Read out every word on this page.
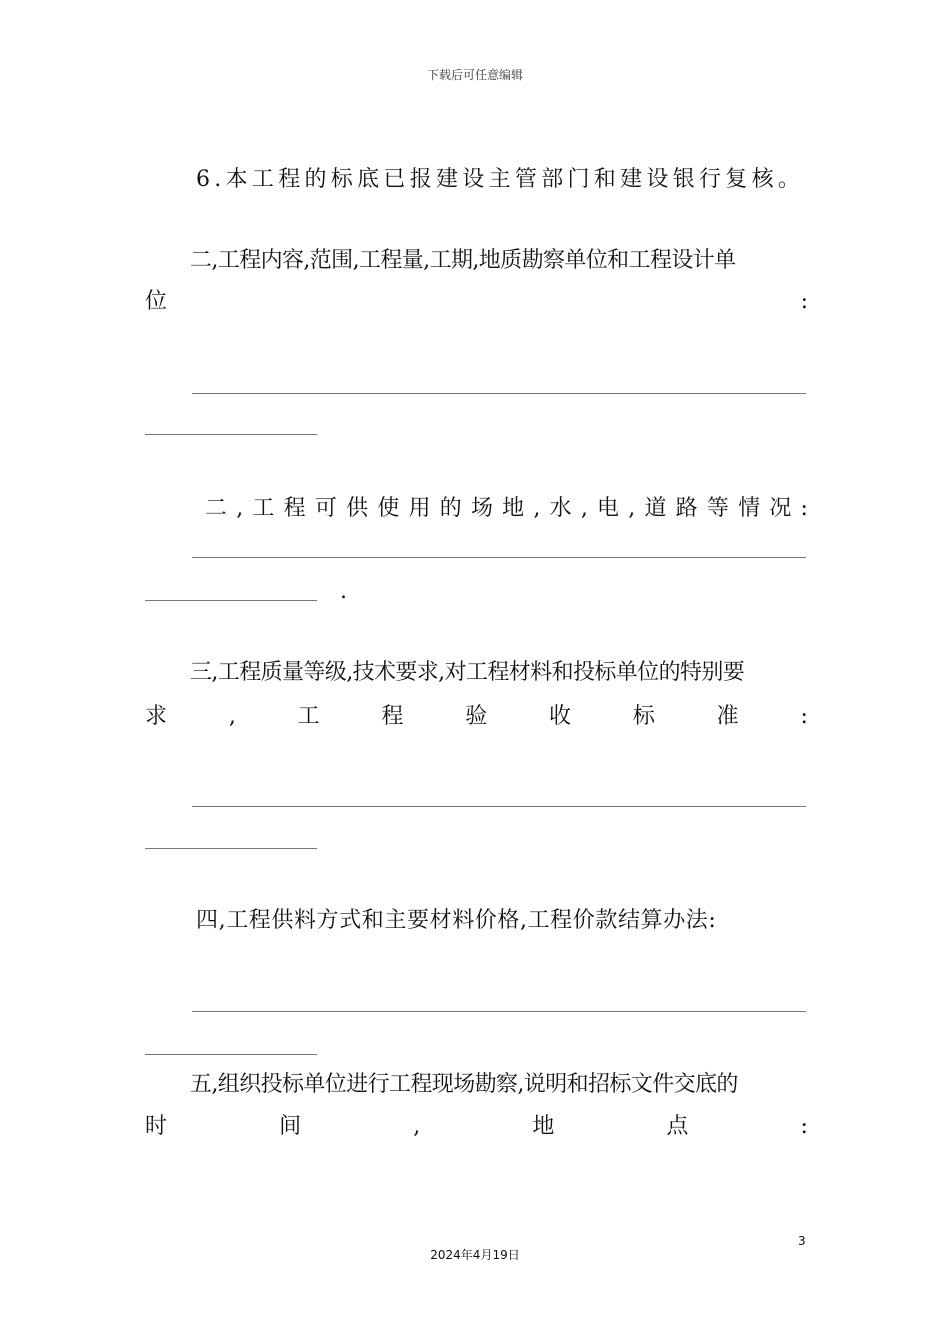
下载后可任意编辑
6.本工程的标底已报建设主管部门和建设银行复核。
二,工程内容,范围,工程量,工期,地质勘察单位和工程设计单
位	:
二 , 工 程 可 供 使 用 的 场 地 , 水 , 电 , 道 路 等 情 况 :
.
三,工程质量等级,技术要求,对工程材料和投标单位的特别要
求	,	工	程	验	收	标	准	:
四,工程供料方式和主要材料价格,工程价款结算办法:
五,组织投标单位进行工程现场勘察,说明和招标文件交底的
时	间	,	地	点	:
3
2024年4月19日
